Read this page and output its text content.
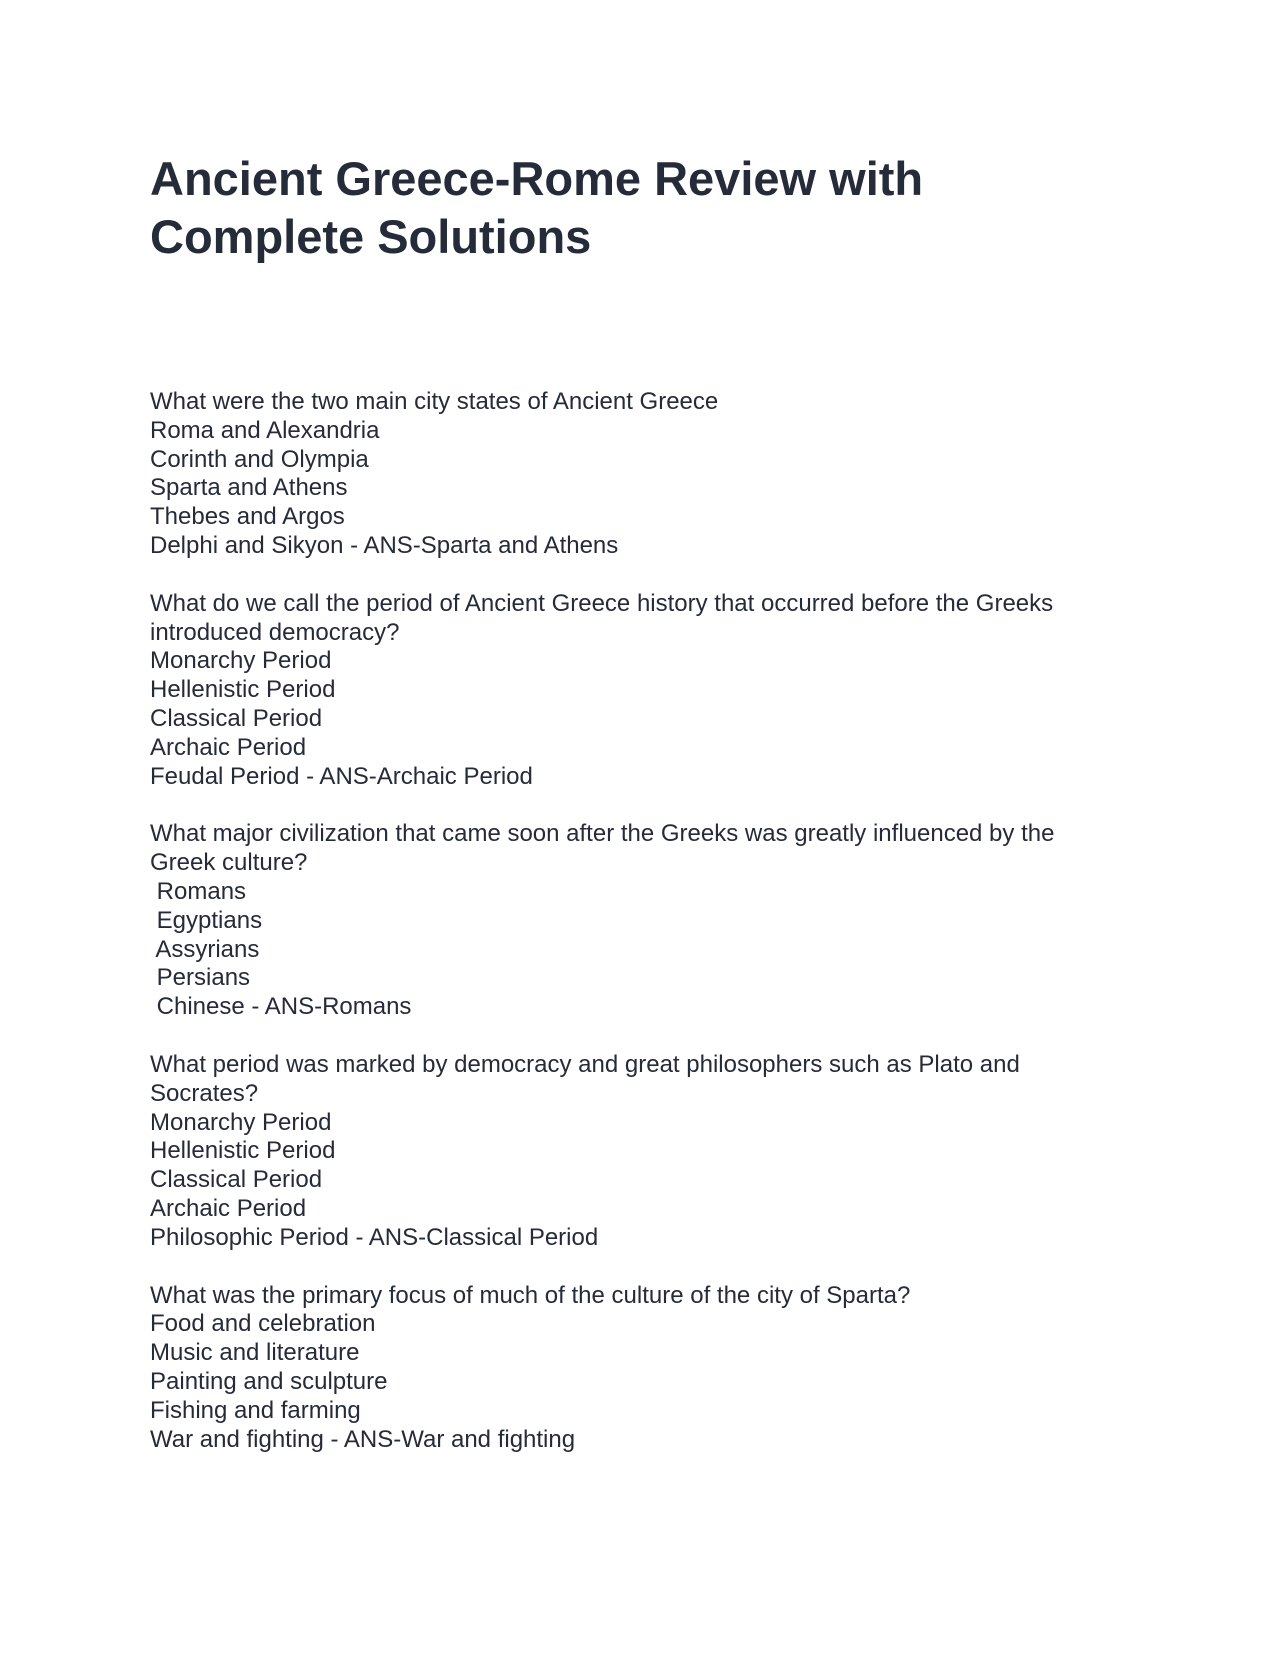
Ancient Greece-Rome Review with
Complete Solutions
What were the two main city states of Ancient Greece
Roma and Alexandria
Corinth and Olympia
Sparta and Athens
Thebes and Argos
Delphi and Sikyon - ANS-Sparta and Athens
What do we call the period of Ancient Greece history that occurred before the Greeks introduced democracy?
Monarchy Period
Hellenistic Period
Classical Period
Archaic Period
Feudal Period - ANS-Archaic Period
What major civilization that came soon after the Greeks was greatly influenced by the Greek culture?
Romans
Egyptians
Assyrians
Persians
Chinese - ANS-Romans
What period was marked by democracy and great philosophers such as Plato and Socrates?
Monarchy Period
Hellenistic Period
Classical Period
Archaic Period
Philosophic Period - ANS-Classical Period
What was the primary focus of much of the culture of the city of Sparta?
Food and celebration
Music and literature
Painting and sculpture
Fishing and farming
War and fighting - ANS-War and fighting
